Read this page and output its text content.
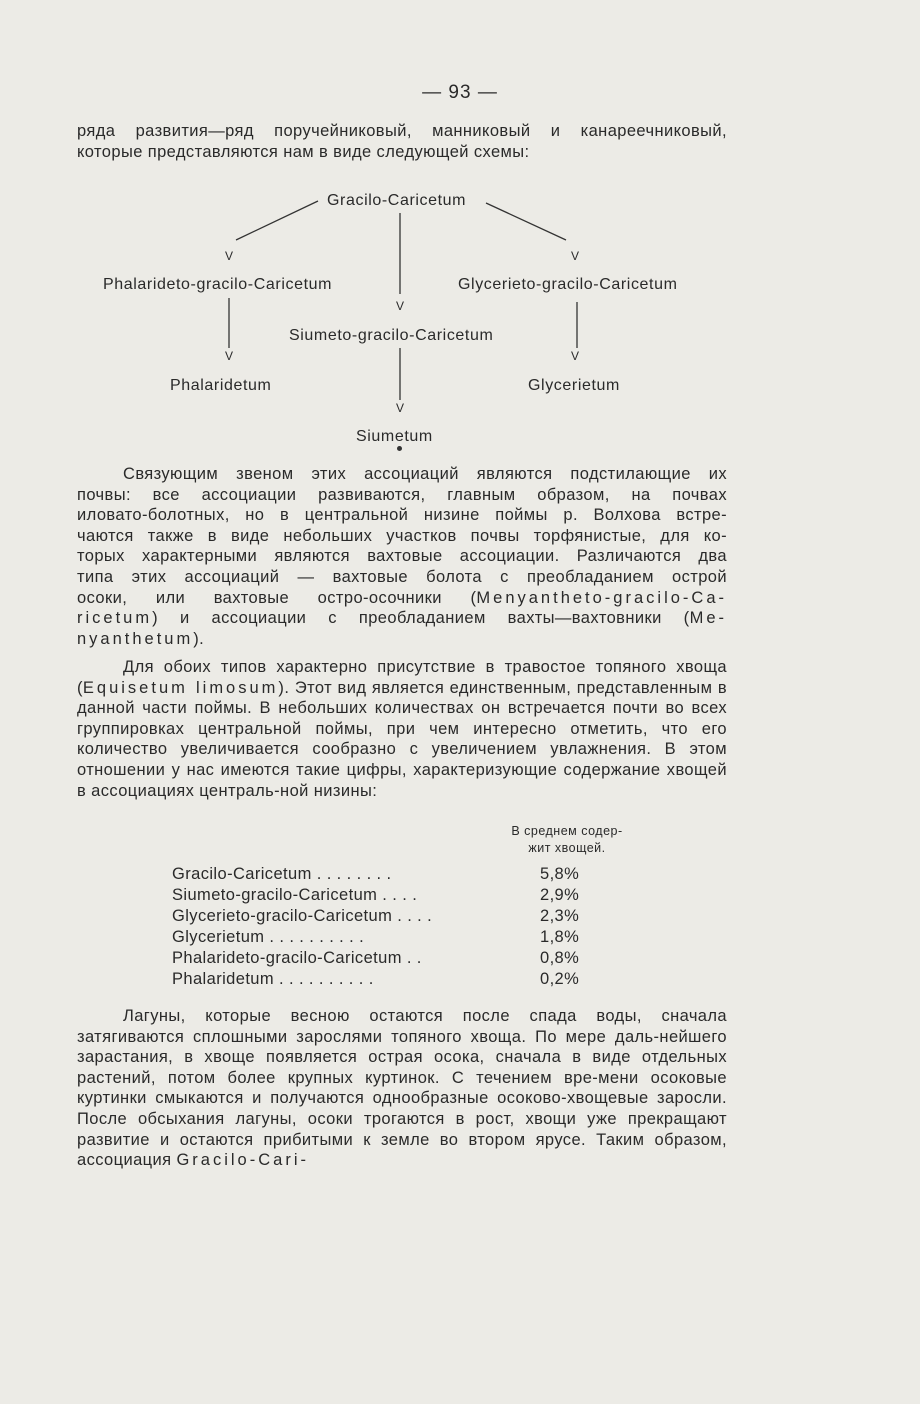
— 93 —

ряда развития—ряд поручейниковый, манниковый и канареечниковый,

которые представляются нам в виде следующей схемы:

Gracilo-Caricetum
V	V
Phalarideto-gracilo-Caricetum	Glycerieto-gracilo-Caricetum
V
Siumeto-gracilo-Caricetum
V	V
Phalaridetum	Glycerietum
V
Siumetum

Связующим звеном этих ассоциаций являются подстилающие их

почвы: все ассоциации развиваются, главным образом, на почвах

иловато-болотных, но в центральной низине поймы р. Волхова встре-

чаются также в виде небольших участков почвы торфянистые, для ко-

торых характерными являются вахтовые ассоциации. Различаются два

типа этих ассоциаций — вахтовые болота с преобладанием острой

осоки, или вахтовые остро-осочники (Menyantheto-gracilo-Ca-

ricetum) и ассоциации с преобладанием вахты—вахтовники (Me-

nyanthetum).

Для обоих типов характерно присутствие в травостое топяного хвоща (Equisetum limosum). Этот вид является единственным, представленным в данной части поймы. В небольших количествах он встречается почти во всех группировках центральной поймы, при чем интересно отметить, что его количество увеличивается сообразно с увеличением увлажнения. В этом отношении у нас имеются такие цифры, характеризующие содержание хвощей в ассоциациях централь-ной низины:

В среднем содер-
жит хвощей.
Gracilo-Caricetum . . . . . . . .	5,8%
Siumeto-gracilo-Caricetum . . . .	2,9%
Glycerieto-gracilo-Caricetum . . . .	2,3%
Glycerietum . . . . . . . . . .	1,8%
Phalarideto-gracilo-Caricetum . .	0,8%
Phalaridetum . . . . . . . . . .	0,2%

Лагуны, которые весною остаются после спада воды, сначала затягиваются сплошными зарослями топяного хвоща. По мере даль-нейшего зарастания, в хвоще появляется острая осока, сначала в виде отдельных растений, потом более крупных куртинок. С течением вре-мени осоковые куртинки смыкаются и получаются однообразные осоково-хвощевые заросли. После обсыхания лагуны, осоки трогаются в рост, хвощи уже прекращают развитие и остаются прибитыми к земле во втором ярусе. Таким образом, ассоциация Gracilo-Cari-
